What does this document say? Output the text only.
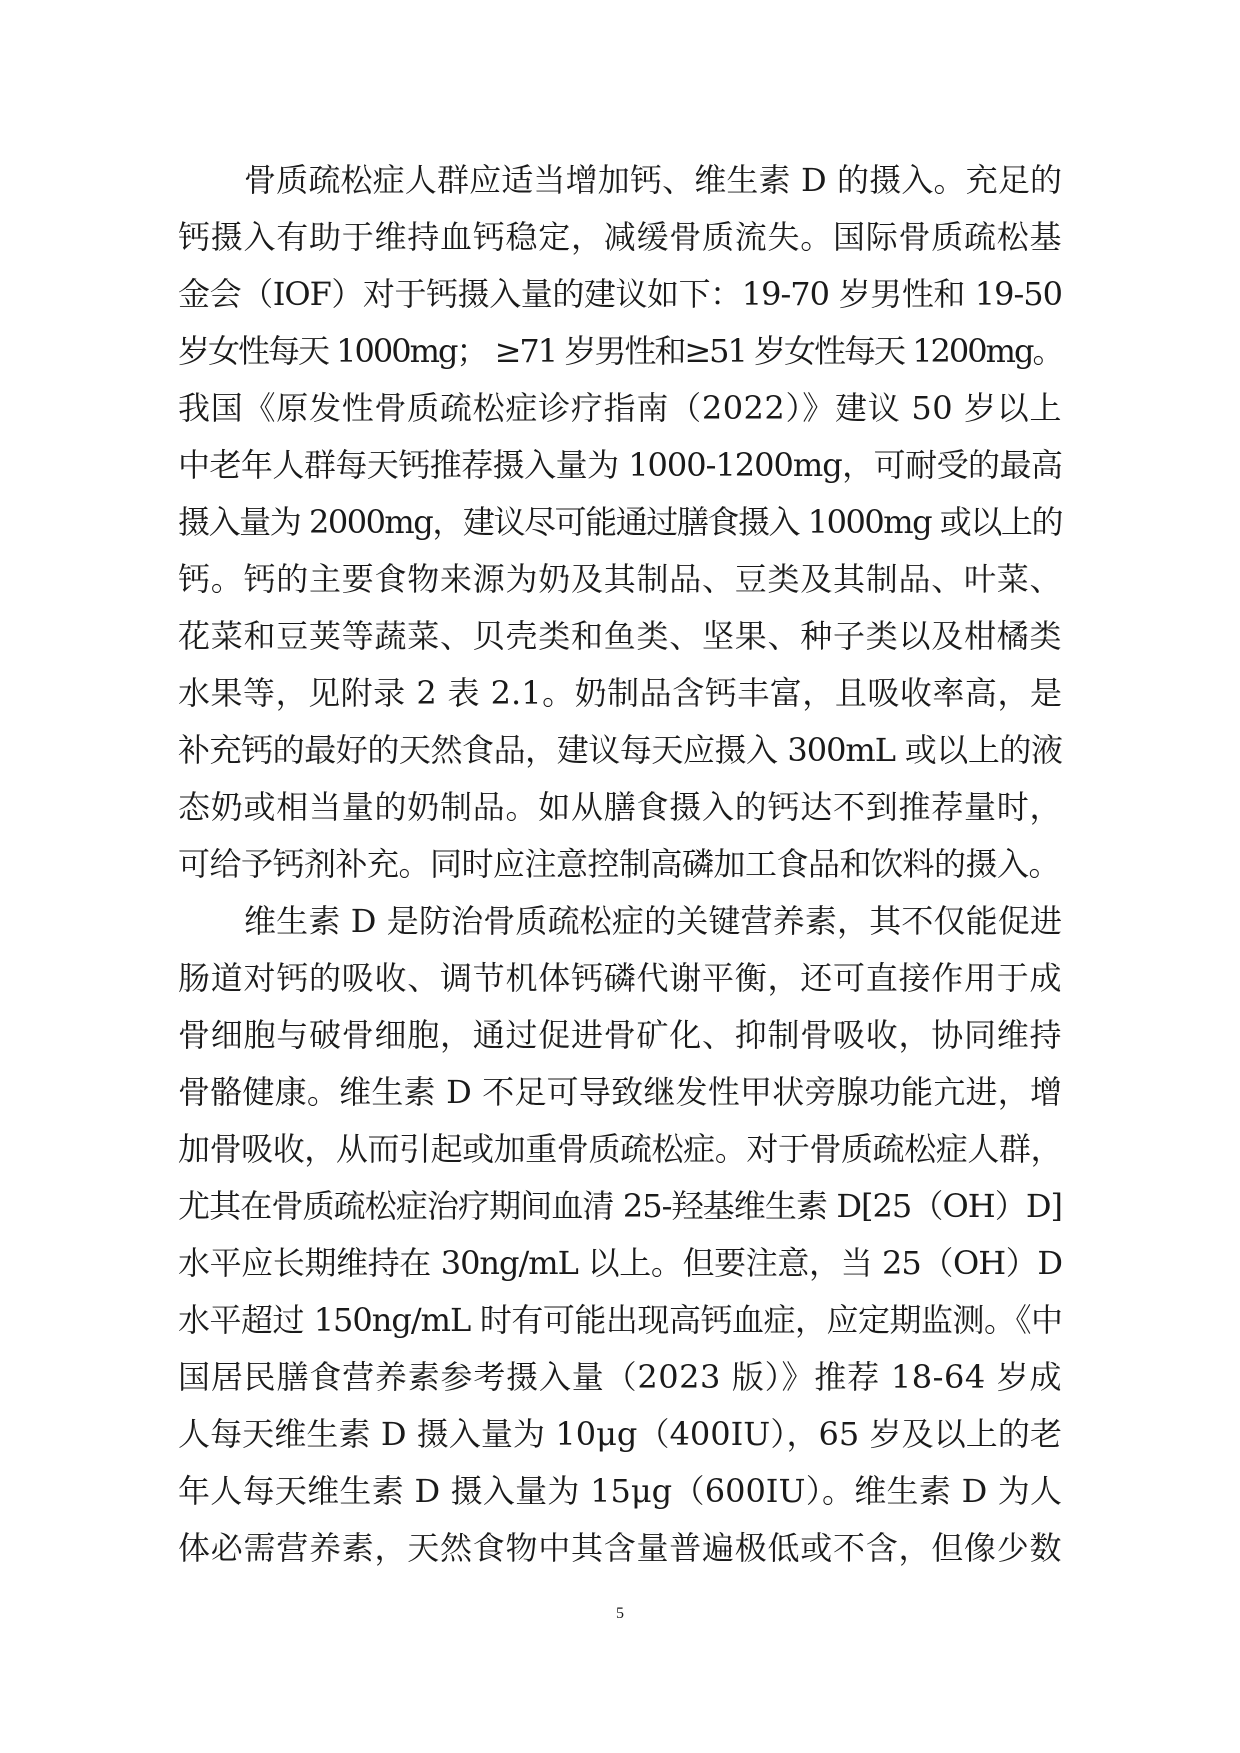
骨质疏松症人群应适当增加钙、维生素 D 的摄入。充足的
钙摄入有助于维持血钙稳定，减缓骨质流失。国际骨质疏松基
金会（IOF）对于钙摄入量的建议如下：19-70 岁男性和 19-50
岁女性每天 1000mg； ≥71 岁男性和≥51 岁女性每天 1200mg。
我国《原发性骨质疏松症诊疗指南（2022）》建议 50 岁以上
中老年人群每天钙推荐摄入量为 1000-1200mg，可耐受的最高
摄入量为 2000mg，建议尽可能通过膳食摄入 1000mg 或以上的
钙。钙的主要食物来源为奶及其制品、豆类及其制品、叶菜、
花菜和豆荚等蔬菜、贝壳类和鱼类、坚果、种子类以及柑橘类
水果等，见附录 2 表 2.1。奶制品含钙丰富，且吸收率高，是
补充钙的最好的天然食品，建议每天应摄入 300mL 或以上的液
态奶或相当量的奶制品。如从膳食摄入的钙达不到推荐量时，
可给予钙剂补充。同时应注意控制高磷加工食品和饮料的摄入。
维生素 D 是防治骨质疏松症的关键营养素，其不仅能促进
肠道对钙的吸收、调节机体钙磷代谢平衡，还可直接作用于成
骨细胞与破骨细胞，通过促进骨矿化、抑制骨吸收，协同维持
骨骼健康。维生素 D 不足可导致继发性甲状旁腺功能亢进，增
加骨吸收，从而引起或加重骨质疏松症。对于骨质疏松症人群，
尤其在骨质疏松症治疗期间血清 25-羟基维生素 D[25（OH）D]
水平应长期维持在 30ng/mL 以上。但要注意，当 25（OH）D
水平超过 150ng/mL 时有可能出现高钙血症，应定期监测。《中
国居民膳食营养素参考摄入量（2023 版）》推荐 18-64 岁成
人每天维生素 D 摄入量为 10μg（400IU），65 岁及以上的老
年人每天维生素 D 摄入量为 15μg（600IU）。维生素 D 为人
体必需营养素，天然食物中其含量普遍极低或不含，但像少数
5
